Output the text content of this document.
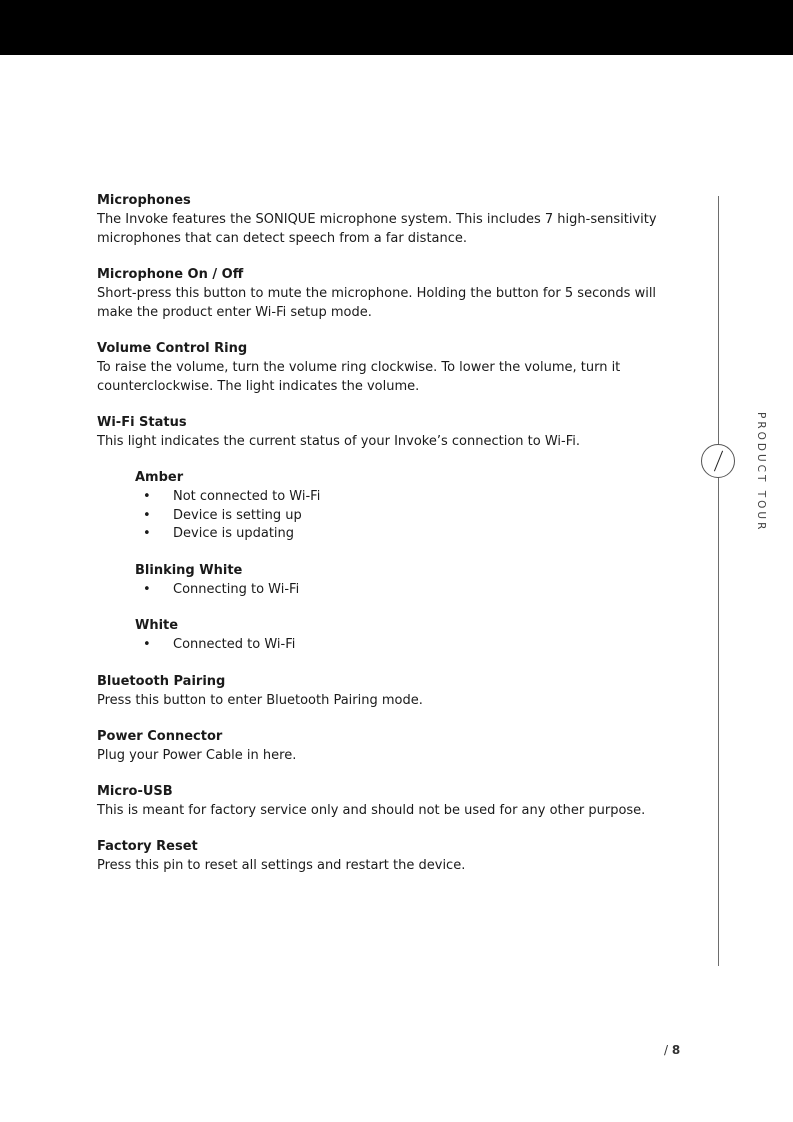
Microphones

The Invoke features the SONIQUE microphone system. This includes 7 high-sensitivity

microphones that can detect speech from a far distance.

Microphone On / Off

Short-press this button to mute the microphone. Holding the button for 5 seconds will

make the product enter Wi-Fi setup mode.

Volume Control Ring

To raise the volume, turn the volume ring clockwise. To lower the volume, turn it

counterclockwise. The light indicates the volume.

Wi-Fi Status

This light indicates the current status of your Invoke’s connection to Wi-Fi.

Amber

• Not connected to Wi-Fi
• Device is setting up
• Device is updating

Blinking White

• Connecting to Wi-Fi

White

• Connected to Wi-Fi

Bluetooth Pairing

Press this button to enter Bluetooth Pairing mode.

Power Connector

Plug your Power Cable in here.

Micro-USB

This is meant for factory service only and should not be used for any other purpose.

Factory Reset

Press this pin to reset all settings and restart the device.

PRODUCT TOUR
/ 8
